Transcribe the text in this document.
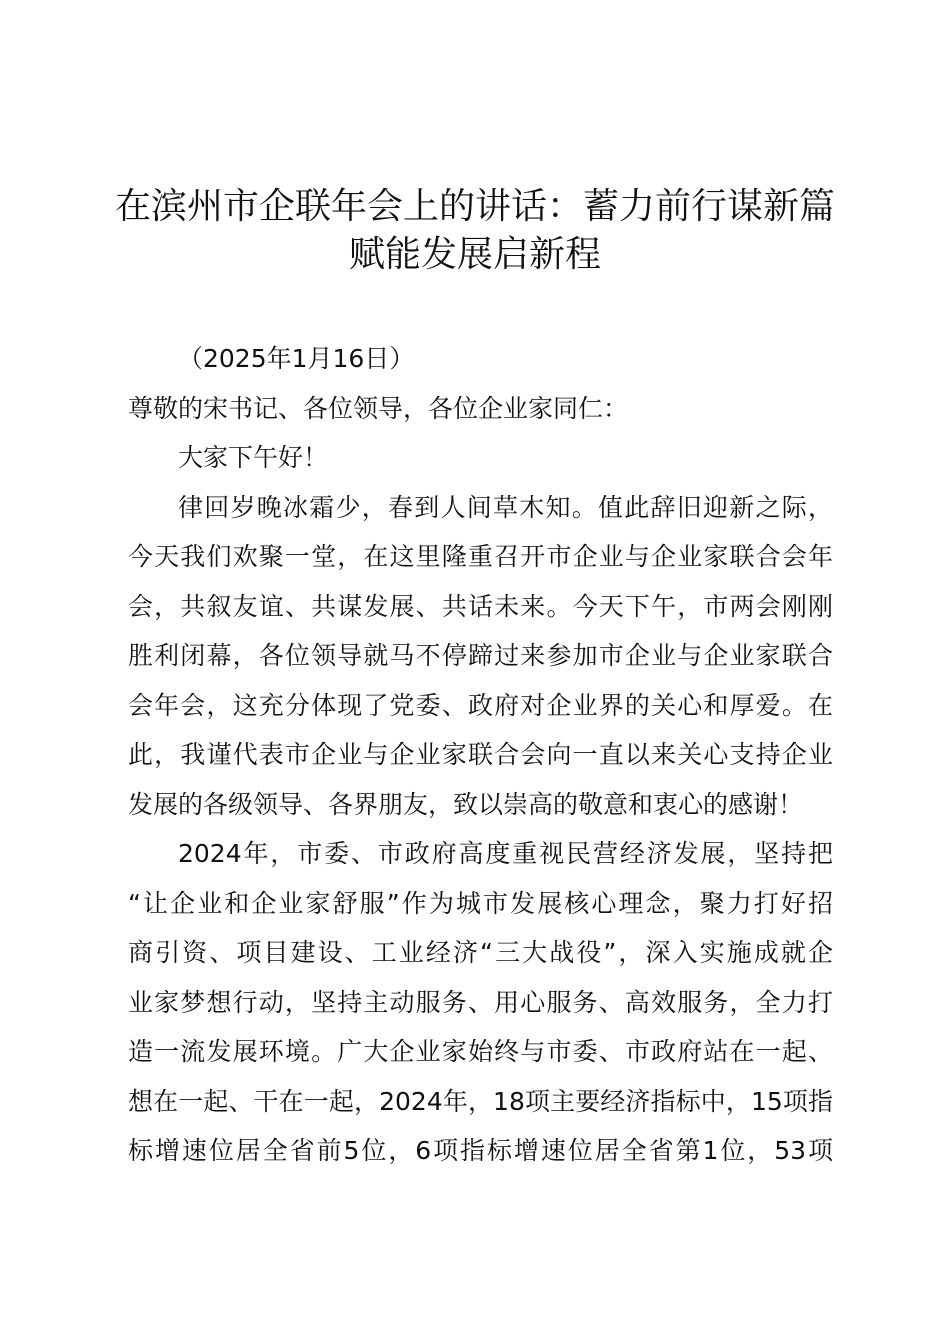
在滨州市企联年会上的讲话：蓄力前行谋新篇
赋能发展启新程
（2025年1月16日）
尊敬的宋书记、各位领导，各位企业家同仁：
大家下午好！
律回岁晚冰霜少，春到人间草木知。值此辞旧迎新之际，
今天我们欢聚一堂，在这里隆重召开市企业与企业家联合会年
会，共叙友谊、共谋发展、共话未来。今天下午，市两会刚刚
胜利闭幕，各位领导就马不停蹄过来参加市企业与企业家联合
会年会，这充分体现了党委、政府对企业界的关心和厚爱。在
此，我谨代表市企业与企业家联合会向一直以来关心支持企业
发展的各级领导、各界朋友，致以崇高的敬意和衷心的感谢！
2024年，市委、市政府高度重视民营经济发展，坚持把
“让企业和企业家舒服”作为城市发展核心理念，聚力打好招
商引资、项目建设、工业经济“三大战役”，深入实施成就企
业家梦想行动，坚持主动服务、用心服务、高效服务，全力打
造一流发展环境。广大企业家始终与市委、市政府站在一起、
想在一起、干在一起，2024年，18项主要经济指标中，15项指
标增速位居全省前5位，6项指标增速位居全省第1位，53项
